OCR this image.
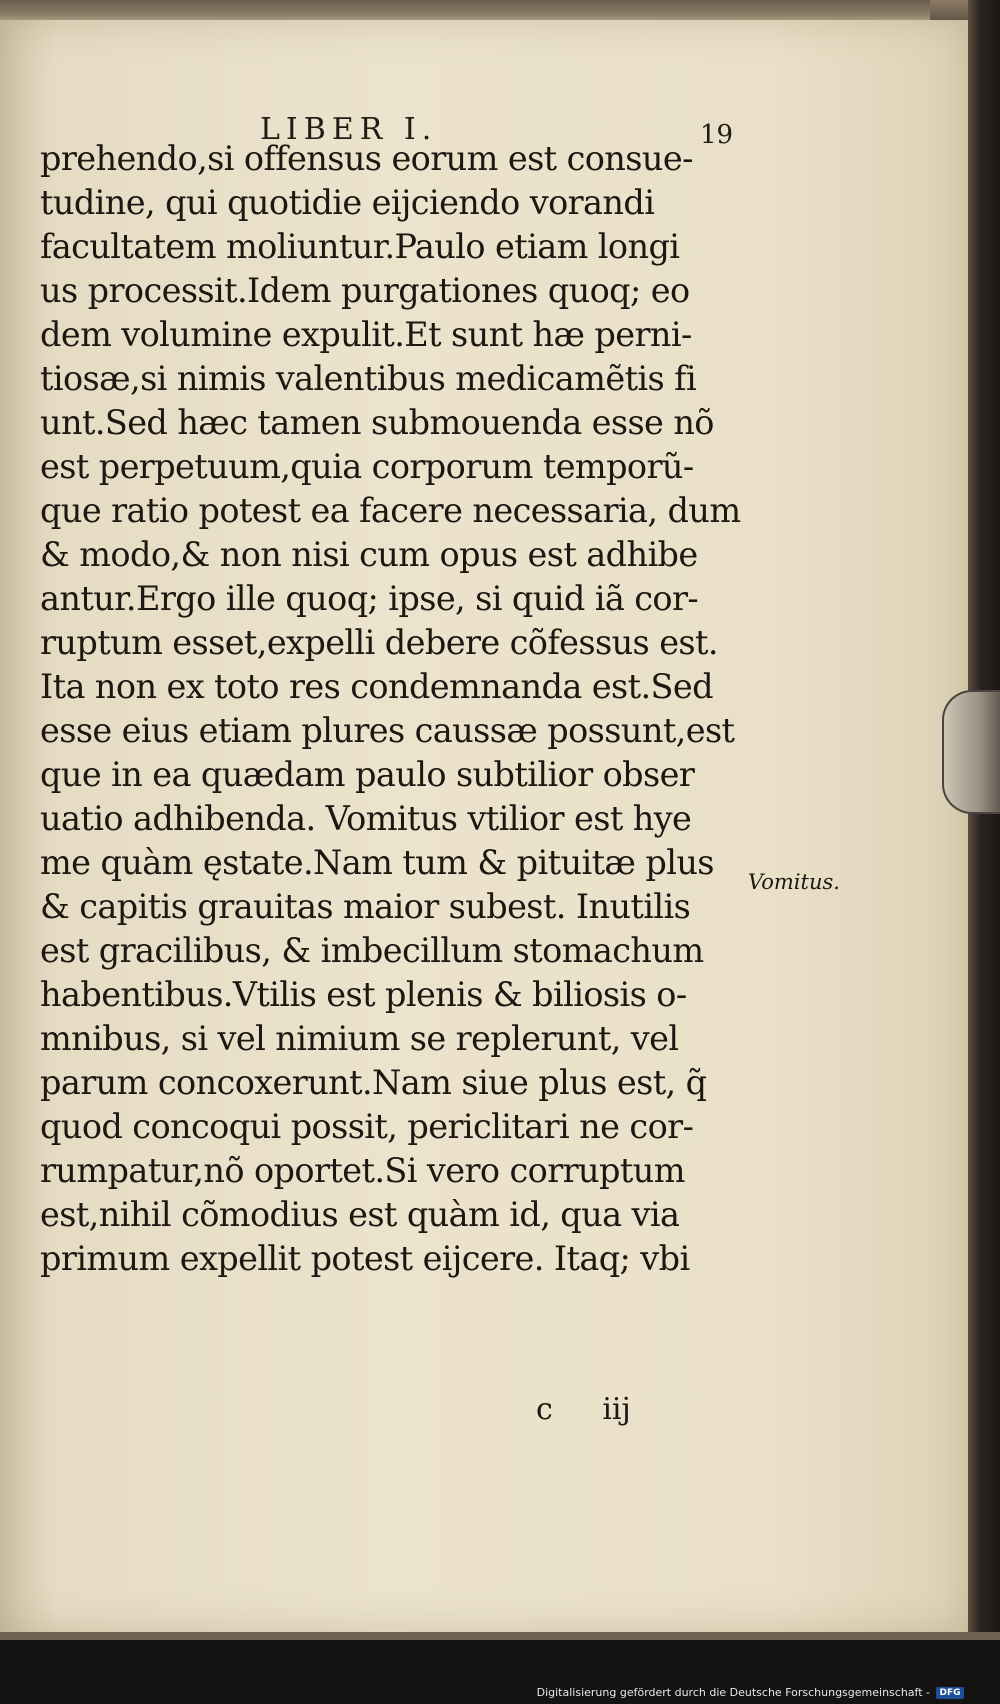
LIBER I.	19
prehendo,si offensus eorum est consue-
tudine, qui quotidie eijciendo vorandi
facultatem moliuntur.Paulo etiam longi
us processit.Idem purgationes quoq; eo
dem volumine expulit.Et sunt hæ perni-
tiosæ,si nimis valentibus medicamẽtis fi
unt.Sed hæc tamen submouenda esse nõ
est perpetuum,quia corporum temporũ-
que ratio potest ea facere necessaria, dum
& modo,& non nisi cum opus est adhibe
antur.Ergo ille quoq; ipse, si quid iã cor-
ruptum esset,expelli debere cõfessus est.
Ita non ex toto res condemnanda est.Sed
esse eius etiam plures caussæ possunt,est
que in ea quædam paulo subtilior obser
uatio adhibenda. Vomitus vtilior est hye
me quàm ęstate.Nam tum & pituitæ plus
& capitis grauitas maior subest. Inutilis
est gracilibus, & imbecillum stomachum
habentibus.Vtilis est plenis & biliosis o-
mnibus, si vel nimium se replerunt, vel
parum concoxerunt.Nam siue plus est, q̃
quod concoqui possit, periclitari ne cor-
rumpatur,nõ oportet.Si vero corruptum
est,nihil cõmodius est quàm id, qua via
primum expellit potest eijcere. Itaq; vbi
Vomitus.
c iij
Digitalisierung gefördert durch die Deutsche Forschungsgemeinschaft -	DFG
